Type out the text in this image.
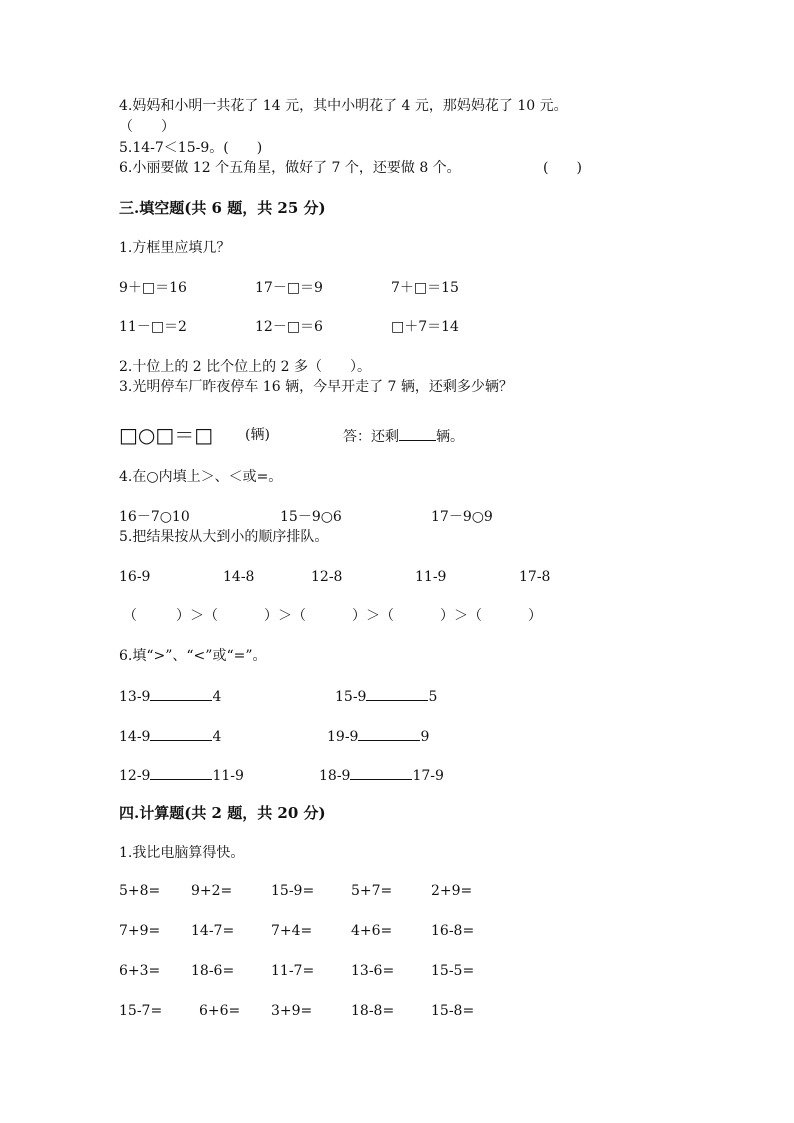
4.妈妈和小明一共花了 14 元，其中小明花了 4 元，那妈妈花了 10 元。
（　　）
5.14-7＜15-9。(　　)
6.小丽要做 12 个五角星，做好了 7 个，还要做 8 个。	(　　)
三.填空题(共 6 题，共 25 分)
1.方框里应填几？
9＋□＝16	17－□＝9	7＋□＝15
11－□＝2	12－□＝6	□＋7＝14
2.十位上的 2 比个位上的 2 多（　　）。
3.光明停车厂昨夜停车 16 辆，今早开走了 7 辆，还剩多少辆？
□○□＝□ (辆)	答：还剩	辆。
4.在○内填上＞、＜或=。
16－7○10	15－9○6	17－9○9
5.把结果按从大到小的顺序排队。
16-9	14-8	12-8	11-9	17-8
（	）＞（	）＞（	）＞（	）＞（	）
6.填“>”、“<”或“=”。
13-9	4	15-9	5
14-9	4	19-9	9
12-9	11-9	18-9	17-9
四.计算题(共 2 题，共 20 分)
1.我比电脑算得快。
5+8= 9+2=	15-9=	5+7=	2+9=
7+9= 14-7=	7+4=	4+6=	16-8=
6+3= 18-6=	11-7=	13-6=	15-5=
15-7=	6+6= 3+9=	18-8=	15-8=
